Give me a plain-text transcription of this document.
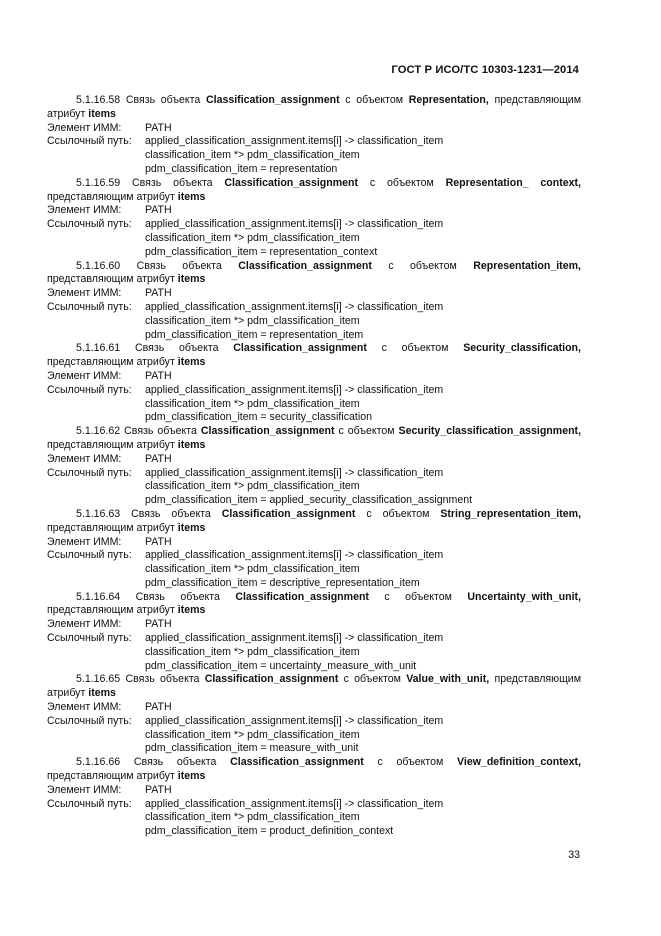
ГОСТ Р ИСО/ТС 10303-1231—2014
5.1.16.58 Связь объекта Classification_assignment с объектом Representation, представляющим атрибут items
Элемент ИММ:	PATH
Ссылочный путь:	applied_classification_assignment.items[i] -> classification_item
classification_item *> pdm_classification_item
pdm_classification_item = representation
5.1.16.59 Связь объекта Classification_assignment с объектом Representation_ context, представляющим атрибут items
Элемент ИММ:	PATH
Ссылочный путь:	applied_classification_assignment.items[i] -> classification_item
classification_item *> pdm_classification_item
pdm_classification_item = representation_context
5.1.16.60 Связь объекта Classification_assignment с объектом Representation_item, представляющим атрибут items
Элемент ИММ:	PATH
Ссылочный путь:	applied_classification_assignment.items[i] -> classification_item
classification_item *> pdm_classification_item
pdm_classification_item = representation_item
5.1.16.61 Связь объекта Classification_assignment с объектом Security_classification, представляющим атрибут items
Элемент ИММ:	PATH
Ссылочный путь:	applied_classification_assignment.items[i] -> classification_item
classification_item *> pdm_classification_item
pdm_classification_item = security_classification
5.1.16.62 Связь объекта Classification_assignment с объектом Security_classification_assignment, представляющим атрибут items
Элемент ИММ:	PATH
Ссылочный путь:	applied_classification_assignment.items[i] -> classification_item
classification_item *> pdm_classification_item
pdm_classification_item = applied_security_classification_assignment
5.1.16.63 Связь объекта Classification_assignment с объектом String_representation_item, представляющим атрибут items
Элемент ИММ:	PATH
Ссылочный путь:	applied_classification_assignment.items[i] -> classification_item
classification_item *> pdm_classification_item
pdm_classification_item = descriptive_representation_item
5.1.16.64 Связь объекта Classification_assignment с объектом Uncertainty_with_unit, представляющим атрибут items
Элемент ИММ:	PATH
Ссылочный путь:	applied_classification_assignment.items[i] -> classification_item
classification_item *> pdm_classification_item
pdm_classification_item = uncertainty_measure_with_unit
5.1.16.65 Связь объекта Classification_assignment с объектом Value_with_unit, представляющим атрибут items
Элемент ИММ:	PATH
Ссылочный путь:	applied_classification_assignment.items[i] -> classification_item
classification_item *> pdm_classification_item
pdm_classification_item = measure_with_unit
5.1.16.66 Связь объекта Classification_assignment с объектом View_definition_context, представляющим атрибут items
Элемент ИММ:	PATH
Ссылочный путь:	applied_classification_assignment.items[i] -> classification_item
classification_item *> pdm_classification_item
pdm_classification_item = product_definition_context
33
